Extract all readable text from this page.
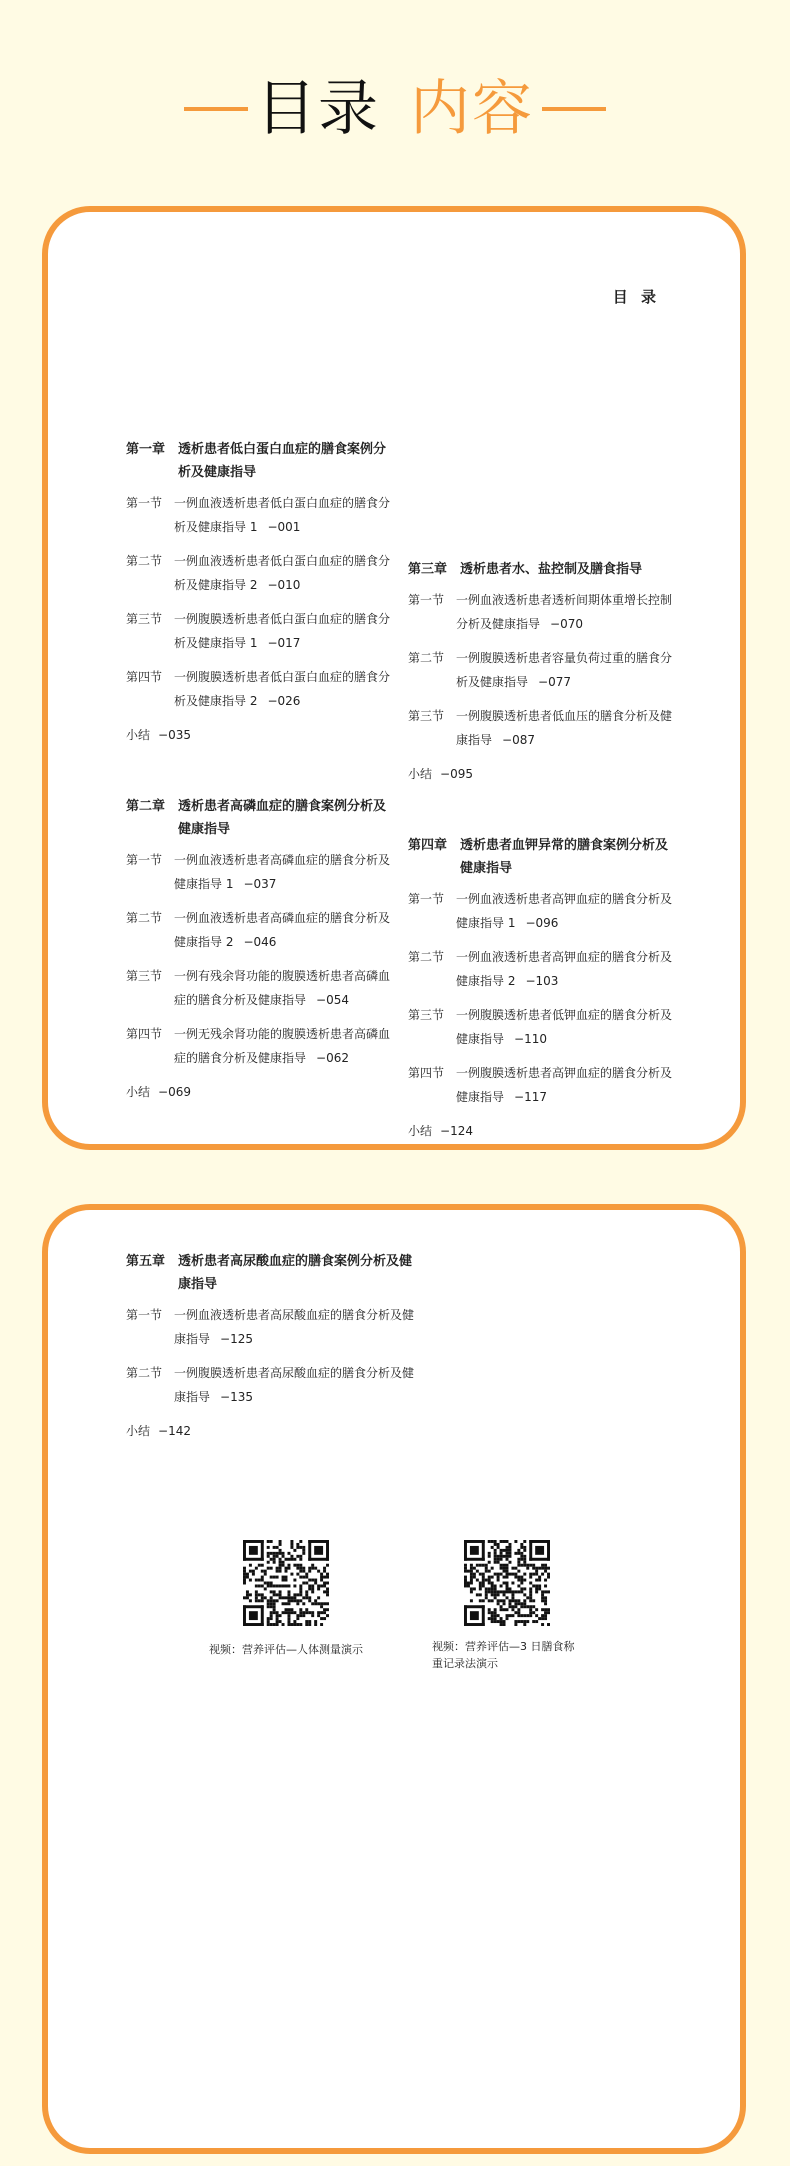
目录 内容
目 录
第一章 透析患者低白蛋白血症的膳食案例分析及健康指导
第一节 一例血液透析患者低白蛋白血症的膳食分析及健康指导 1 −001
第二节 一例血液透析患者低白蛋白血症的膳食分析及健康指导 2 −010
第三节 一例腹膜透析患者低白蛋白血症的膳食分析及健康指导 1 −017
第四节 一例腹膜透析患者低白蛋白血症的膳食分析及健康指导 2 −026
小结 −035
第二章 透析患者高磷血症的膳食案例分析及健康指导
第一节 一例血液透析患者高磷血症的膳食分析及健康指导 1 −037
第二节 一例血液透析患者高磷血症的膳食分析及健康指导 2 −046
第三节 一例有残余肾功能的腹膜透析患者高磷血症的膳食分析及健康指导 −054
第四节 一例无残余肾功能的腹膜透析患者高磷血症的膳食分析及健康指导 −062
小结 −069
第三章 透析患者水、盐控制及膳食指导
第一节 一例血液透析患者透析间期体重增长控制分析及健康指导 −070
第二节 一例腹膜透析患者容量负荷过重的膳食分析及健康指导 −077
第三节 一例腹膜透析患者低血压的膳食分析及健康指导 −087
小结 −095
第四章 透析患者血钾异常的膳食案例分析及健康指导
第一节 一例血液透析患者高钾血症的膳食分析及健康指导 1 −096
第二节 一例血液透析患者高钾血症的膳食分析及健康指导 2 −103
第三节 一例腹膜透析患者低钾血症的膳食分析及健康指导 −110
第四节 一例腹膜透析患者高钾血症的膳食分析及健康指导 −117
小结 −124
第五章 透析患者高尿酸血症的膳食案例分析及健康指导
第一节 一例血液透析患者高尿酸血症的膳食分析及健康指导 −125
第二节 一例腹膜透析患者高尿酸血症的膳食分析及健康指导 −135
小结 −142
视频：营养评估—人体测量演示	视频：营养评估—3 日膳食称重记录法演示
